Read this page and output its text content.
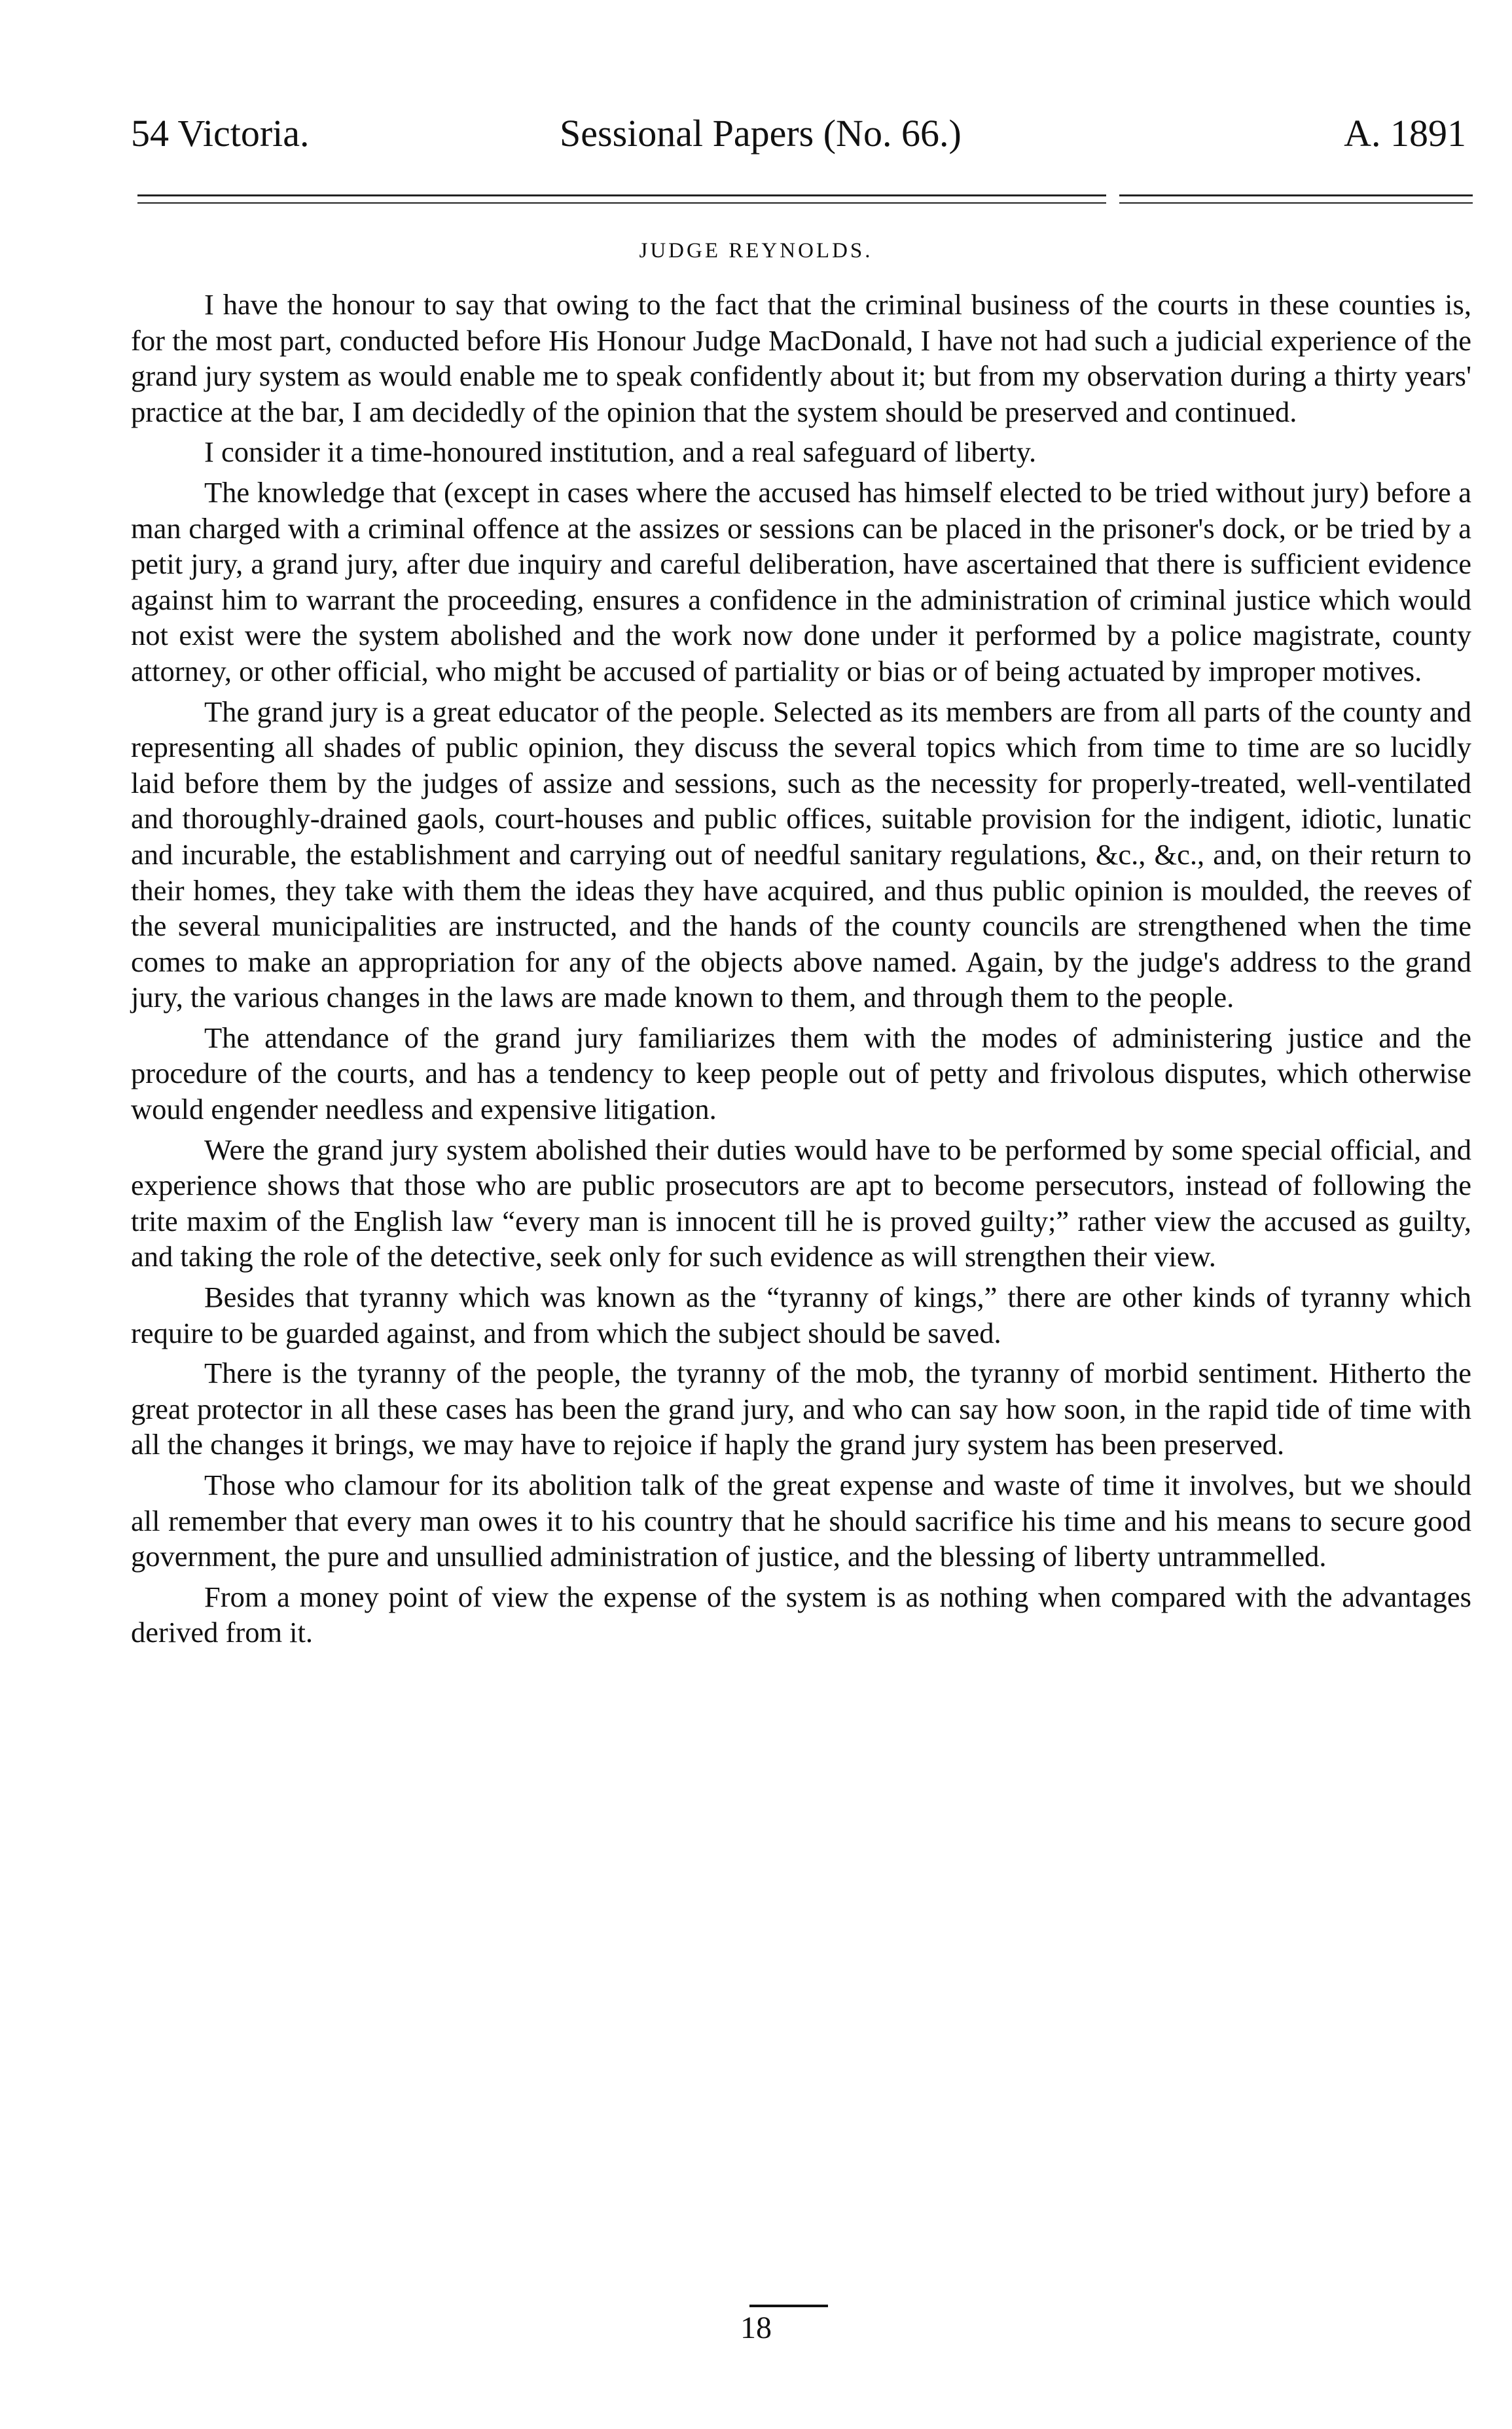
54 Victoria.	Sessional Papers (No. 66.)	A. 1891
JUDGE REYNOLDS.

I have the honour to say that owing to the fact that the criminal business of the courts in these counties is, for the most part, conducted before His Honour Judge MacDonald, I have not had such a judicial experience of the grand jury system as would enable me to speak confidently about it; but from my observation during a thirty years' practice at the bar, I am decidedly of the opinion that the system should be preserved and continued.

I consider it a time-honoured institution, and a real safeguard of liberty.

The knowledge that (except in cases where the accused has himself elected to be tried without jury) before a man charged with a criminal offence at the assizes or sessions can be placed in the prisoner's dock, or be tried by a petit jury, a grand jury, after due inquiry and careful deliberation, have ascertained that there is sufficient evidence against him to warrant the proceeding, ensures a confidence in the administration of criminal justice which would not exist were the system abolished and the work now done under it performed by a police magistrate, county attorney, or other official, who might be accused of partiality or bias or of being actuated by improper motives.

The grand jury is a great educator of the people. Selected as its members are from all parts of the county and representing all shades of public opinion, they discuss the several topics which from time to time are so lucidly laid before them by the judges of assize and sessions, such as the necessity for properly-treated, well-ventilated and thoroughly-drained gaols, court-houses and public offices, suitable provision for the indigent, idiotic, lunatic and incurable, the establishment and carrying out of needful sanitary regulations, &c., &c., and, on their return to their homes, they take with them the ideas they have acquired, and thus public opinion is moulded, the reeves of the several municipalities are instructed, and the hands of the county councils are strengthened when the time comes to make an appropriation for any of the objects above named. Again, by the judge's address to the grand jury, the various changes in the laws are made known to them, and through them to the people.

The attendance of the grand jury familiarizes them with the modes of administering justice and the procedure of the courts, and has a tendency to keep people out of petty and frivolous disputes, which otherwise would engender needless and expensive litigation.

Were the grand jury system abolished their duties would have to be performed by some special official, and experience shows that those who are public prosecutors are apt to become persecutors, instead of following the trite maxim of the English law “every man is innocent till he is proved guilty;” rather view the accused as guilty, and taking the role of the detective, seek only for such evidence as will strengthen their view.

Besides that tyranny which was known as the “tyranny of kings,” there are other kinds of tyranny which require to be guarded against, and from which the subject should be saved.

There is the tyranny of the people, the tyranny of the mob, the tyranny of morbid sentiment. Hitherto the great protector in all these cases has been the grand jury, and who can say how soon, in the rapid tide of time with all the changes it brings, we may have to rejoice if haply the grand jury system has been preserved.

Those who clamour for its abolition talk of the great expense and waste of time it involves, but we should all remember that every man owes it to his country that he should sacrifice his time and his means to secure good government, the pure and unsullied administration of justice, and the blessing of liberty untrammelled.

From a money point of view the expense of the system is as nothing when compared with the advantages derived from it.

18
